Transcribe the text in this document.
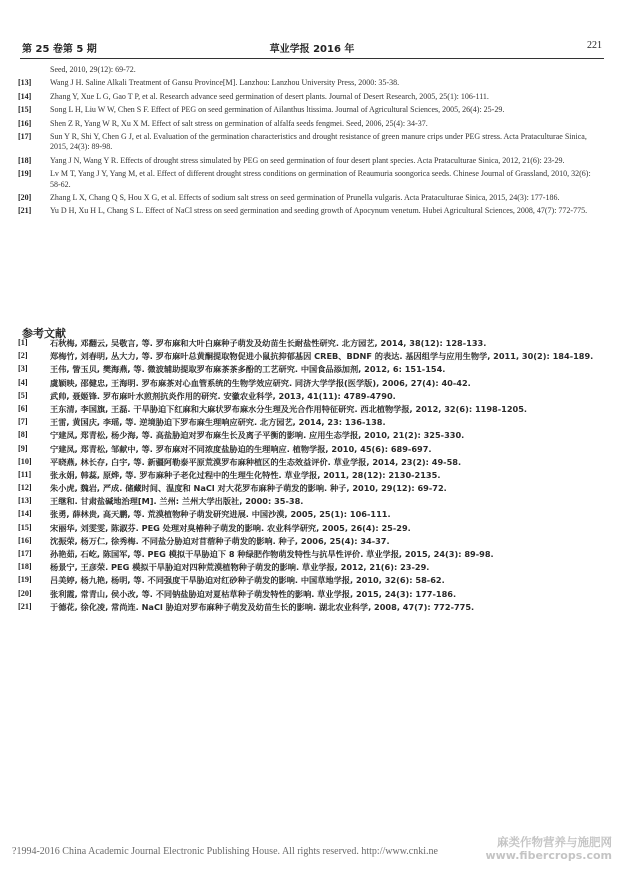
第 25 卷第 5 期	草业学报 2016 年	221
Seed, 2010, 29(12): 69-72.
[13] Wang J H. Saline Alkali Treatment of Gansu Province[M]. Lanzhou: Lanzhou University Press, 2000: 35-38.
[14] Zhang Y, Xue L G, Gao T P, et al. Research advance seed germination of desert plants. Journal of Desert Research, 2005, 25(1): 106-111.
[15] Song L H, Liu W W, Chen S F. Effect of PEG on seed germination of Ailanthus ltissima. Journal of Agricultural Sciences, 2005, 26(4): 25-29.
[16] Shen Z R, Yang W R, Xu X M. Effect of salt stress on germination of alfalfa seeds fengmei. Seed, 2006, 25(4): 34-37.
[17] Sun Y R, Shi Y, Chen G J, et al. Evaluation of the germination characteristics and drought resistance of green manure crips under PEG stress. Acta Prataculturae Sinica, 2015, 24(3): 89-98.
[18] Yang J N, Wang Y R. Effects of drought stress simulated by PEG on seed germination of four desert plant species. Acta Prataculturae Sinica, 2012, 21(6): 23-29.
[19] Lv M T, Yang J Y, Yang M, et al. Effect of different drought stress conditions on germination of Reaumuria soongorica seeds. Chinese Journal of Grassland, 2010, 32(6): 58-62.
[20] Zhang L X, Chang Q S, Hou X G, et al. Effects of sodium salt stress on seed germination of Prunella vulgaris. Acta Prataculturae Sinica, 2015, 24(3): 177-186.
[21] Yu D H, Xu H L, Chang S L. Effect of NaCl stress on seed germination and seeding growth of Apocynum venetum. Hubei Agricultural Sciences, 2008, 47(7): 772-775.
参考文献
[1]	石秋梅, 邓翻云, 吴敬言, 等. 罗布麻和大叶白麻种子萌发及幼苗生长耐盐性研究. 北方园艺, 2014, 38(12): 128-133.
[2]	郑梅竹, 刘春明, 丛大力, 等. 罗布麻叶总黄酮提取物促进小鼠抗抑郁基因 CREB、BDNF 的表达. 基因组学与应用生物学, 2011, 30(2): 184-189.
[3]	王伟, 訾玉贝, 樊海燕, 等. 微波辅助提取罗布麻茶茶多酚的工艺研究. 中国食品添加剂, 2012, 6: 151-154.
[4]	虞颖映, 邵健忠, 王海明. 罗布麻茶对心血管系统的生物学效应研究. 同济大学学报(医学版), 2006, 27(4): 40-42.
[5]	武帅, 聂姬锋. 罗布麻叶水煎剂抗炎作用的研究. 安徽农业科学, 2013, 41(11): 4789-4790.
[6]	王东清, 李国旗, 王磊. 干旱胁迫下红麻和大麻状罗布麻水分生理及光合作用特征研究. 西北植物学报, 2012, 32(6): 1198-1205.
[7]	王雷, 黄国庆, 李瑶, 等. 逆境胁迫下罗布麻生理响应研究. 北方园艺, 2014, 23: 136-138.
[8]	宁建凤, 郑青松, 杨少海, 等. 高盐胁迫对罗布麻生长及离子平衡的影响. 应用生态学报, 2010, 21(2): 325-330.
[9]	宁建凤, 郑青松, 邹献中, 等. 罗布麻对不同浓度盐胁迫的生理响应. 植物学报, 2010, 45(6): 689-697.
[10] 平晓燕, 林长存, 白宇, 等. 新疆阿勒泰平原荒漠罗布麻种植区的生态效益评价. 草业学报, 2014, 23(2): 49-58.
[11] 张永娟, 韩蕊, 原烨, 等. 罗布麻种子老化过程中的生理生化特性. 草业学报, 2011, 28(12): 2130-2135.
[12] 朱小虎, 魏岩, 严成. 储藏时间、温度和 NaCl 对大花罗布麻种子萌发的影响. 种子, 2010, 29(12): 69-72.
[13] 王继和. 甘肃盐碱地治理[M]. 兰州: 兰州大学出版社, 2000: 35-38.
[14] 张勇, 薛林贵, 高天鹏, 等. 荒漠植物种子萌发研究进展. 中国沙漠, 2005, 25(1): 106-111.
[15] 宋丽华, 刘雯雯, 陈淑芬. PEG 处理对臭椿种子萌发的影响. 农业科学研究, 2005, 26(4): 25-29.
[16] 沈振荣, 杨万仁, 徐秀梅. 不同盐分胁迫对苜蓿种子萌发的影响. 种子, 2006, 25(4): 34-37.
[17] 孙艳茹, 石屹, 陈国军, 等. PEG 模拟干旱胁迫下 8 种绿肥作物萌发特性与抗旱性评价. 草业学报, 2015, 24(3): 89-98.
[18] 杨景宁, 王彦荣. PEG 模拟干旱胁迫对四种荒漠植物种子萌发的影响. 草业学报, 2012, 21(6): 23-29.
[19] 吕美婷, 杨九艳, 杨明, 等. 不同强度干旱胁迫对红砂种子萌发的影响. 中国草地学报, 2010, 32(6): 58-62.
[20] 张利霞, 常青山, 侯小改, 等. 不同钠盐胁迫对夏枯草种子萌发特性的影响. 草业学报, 2015, 24(3): 177-186.
[21] 于德花, 徐化凌, 常尚连. NaCl 胁迫对罗布麻种子萌发及幼苗生长的影响. 湖北农业科学, 2008, 47(7): 772-775.
?1994-2016 China Academic Journal Electronic Publishing House. All rights reserved. http://www.cnki.ne
麻类作物营养与施肥网
www.fibercrops.com
